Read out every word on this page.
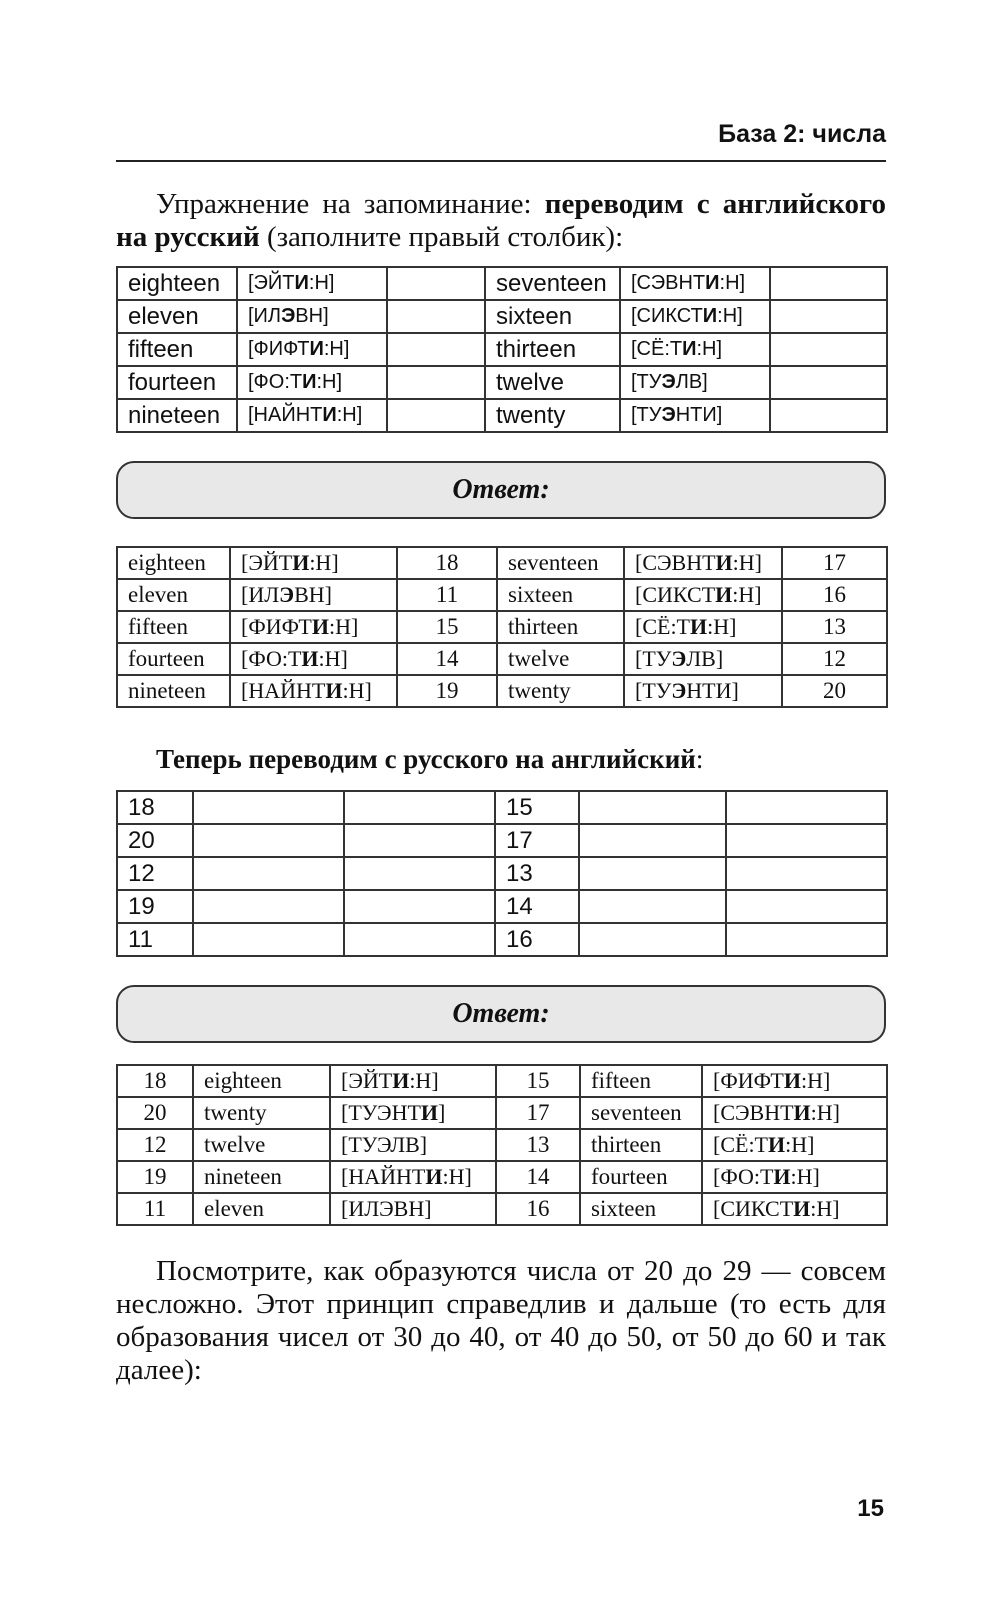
База 2: числа
Упражнение на запоминание: переводим с английского на русский (заполните правый столбик):
eighteen	[ЭЙТИ:Н]		seventeen	[СЭВНТИ:Н]	
eleven	[ИЛЭВН]		sixteen	[СИКСТИ:Н]	
fifteen	[ФИФТИ:Н]		thirteen	[СЁ:ТИ:Н]	
fourteen	[ФО:ТИ:Н]		twelve	[ТУЭЛВ]	
nineteen	[НАЙНТИ:Н]		twenty	[ТУЭНТИ]	
Ответ:
eighteen	[ЭЙТИ:Н]	18	seventeen	[СЭВНТИ:Н]	17
eleven	[ИЛЭВН]	11	sixteen	[СИКСТИ:Н]	16
fifteen	[ФИФТИ:Н]	15	thirteen	[СЁ:ТИ:Н]	13
fourteen	[ФО:ТИ:Н]	14	twelve	[ТУЭЛВ]	12
nineteen	[НАЙНТИ:Н]	19	twenty	[ТУЭНТИ]	20
Теперь переводим с русского на английский:
18			15		
20			17		
12			13		
19			14		
11			16		
Ответ:
18	eighteen	[ЭЙТИ:Н]	15	fifteen	[ФИФТИ:Н]
20	twenty	[ТУЭНТИ]	17	seventeen	[СЭВНТИ:Н]
12	twelve	[ТУЭЛВ]	13	thirteen	[СЁ:ТИ:Н]
19	nineteen	[НАЙНТИ:Н]	14	fourteen	[ФО:ТИ:Н]
11	eleven	[ИЛЭВН]	16	sixteen	[СИКСТИ:Н]
Посмотрите, как образуются числа от 20 до 29 — совсем несложно. Этот принцип справедлив и дальше (то есть для образования чисел от 30 до 40, от 40 до 50, от 50 до 60 и так далее):
15
